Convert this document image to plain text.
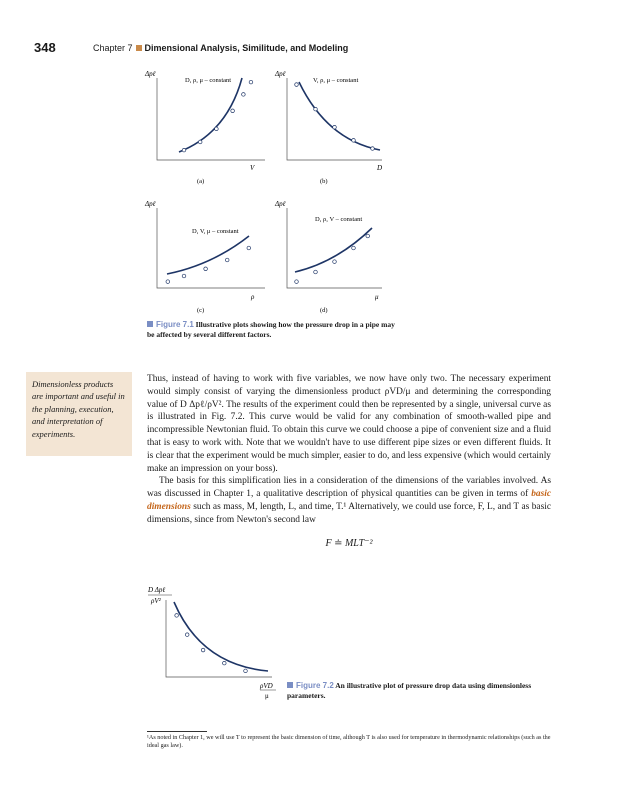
348	Chapter 7 Dimensional Analysis, Similitude, and Modeling
Δpℓ
D, ρ, μ – constant
V
(a)
Δpℓ
V, ρ, μ – constant
D
(b)
Δpℓ
D, V, μ – constant
ρ
(c)
Δpℓ
D, ρ, V – constant
μ
(d)
Figure 7.1 Illustrative plots showing how the pressure drop in a pipe may be affected by several different factors.
Dimensionless products are important and useful in the planning, execution, and interpretation of experiments.

Thus, instead of having to work with five variables, we now have only two. The necessary experiment would simply consist of varying the dimensionless product ρVD/μ and determining the corresponding value of D Δpℓ/ρV². The results of the experiment could then be represented by a single, universal curve as is illustrated in Fig. 7.2. This curve would be valid for any combination of smooth-walled pipe and incompressible Newtonian fluid. To obtain this curve we could choose a pipe of convenient size and a fluid that is easy to work with. Note that we wouldn't have to use different pipe sizes or even different fluids. It is clear that the experiment would be much simpler, easier to do, and less expensive (which would certainly make an impression on your boss).

The basis for this simplification lies in a consideration of the dimensions of the variables involved. As was discussed in Chapter 1, a qualitative description of physical quantities can be given in terms of basic dimensions such as mass, M, length, L, and time, T.¹ Alternatively, we could use force, F, L, and T as basic dimensions, since from Newton's second law

F ≐ MLT⁻²
D Δpℓ
ρV²
ρVD
μ
Figure 7.2 An illustrative plot of pressure drop data using dimensionless parameters.
¹As noted in Chapter 1, we will use T to represent the basic dimension of time, although T is also used for temperature in thermodynamic relationships (such as the ideal gas law).
